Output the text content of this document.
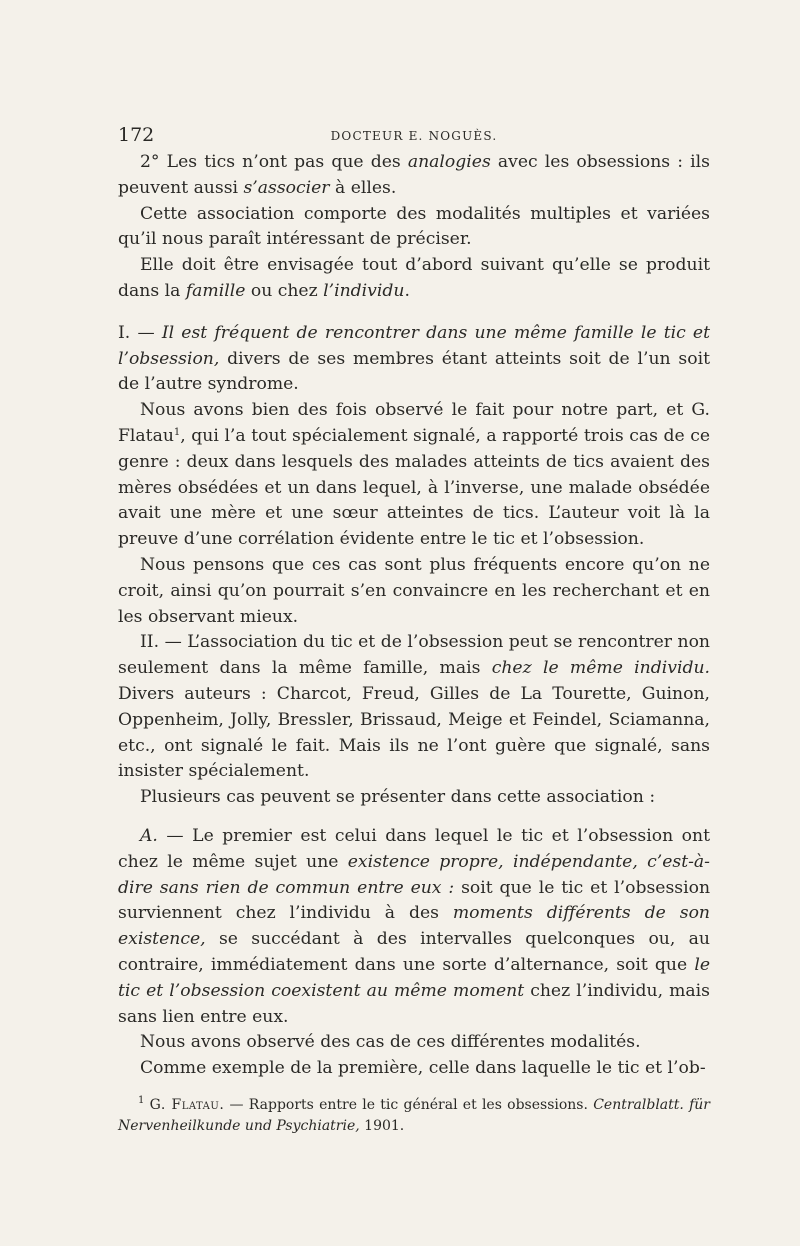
172	DOCTEUR E. NOGUÈS.

2° Les tics n’ont pas que des analogies avec les obsessions : ils peuvent aussi s’associer à elles.

Cette association comporte des modalités multiples et variées qu’il nous paraît intéressant de préciser.

Elle doit être envisagée tout d’abord suivant qu’elle se produit dans la famille ou chez l’individu.

I. — Il est fréquent de rencontrer dans une même famille le tic et l’obsession, divers de ses membres étant atteints soit de l’un soit de l’autre syndrome.

Nous avons bien des fois observé le fait pour notre part, et G. Flatau$^1$, qui l’a tout spécialement signalé, a rapporté trois cas de ce genre : deux dans lesquels des malades atteints de tics avaient des mères obsédées et un dans lequel, à l’inverse, une malade obsédée avait une mère et une sœur atteintes de tics. L’auteur voit là la preuve d’une corrélation évidente entre le tic et l’obsession.

Nous pensons que ces cas sont plus fréquents encore qu’on ne croit, ainsi qu’on pourrait s’en convaincre en les recherchant et en les observant mieux.

II. — L’association du tic et de l’obsession peut se rencontrer non seulement dans la même famille, mais chez le même individu. Divers auteurs : Charcot, Freud, Gilles de La Tourette, Guinon, Oppenheim, Jolly, Bressler, Brissaud, Meige et Feindel, Sciamanna, etc., ont signalé le fait. Mais ils ne l’ont guère que signalé, sans insister spécialement.

Plusieurs cas peuvent se présenter dans cette association :

A. — Le premier est celui dans lequel le tic et l’obsession ont chez le même sujet une existence propre, indépendante, c’est-à-dire sans rien de commun entre eux : soit que le tic et l’obsession surviennent chez l’individu à des moments différents de son existence, se succédant à des intervalles quelconques ou, au contraire, immédiatement dans une sorte d’alternance, soit que le tic et l’obsession coexistent au même moment chez l’individu, mais sans lien entre eux.

Nous avons observé des cas de ces différentes modalités.

Comme exemple de la première, celle dans laquelle le tic et l’ob-

$^1$ G. Flatau. — Rapports entre le tic général et les obsessions. Centralblatt. für Nervenheilkunde und Psychiatrie, 1901.
